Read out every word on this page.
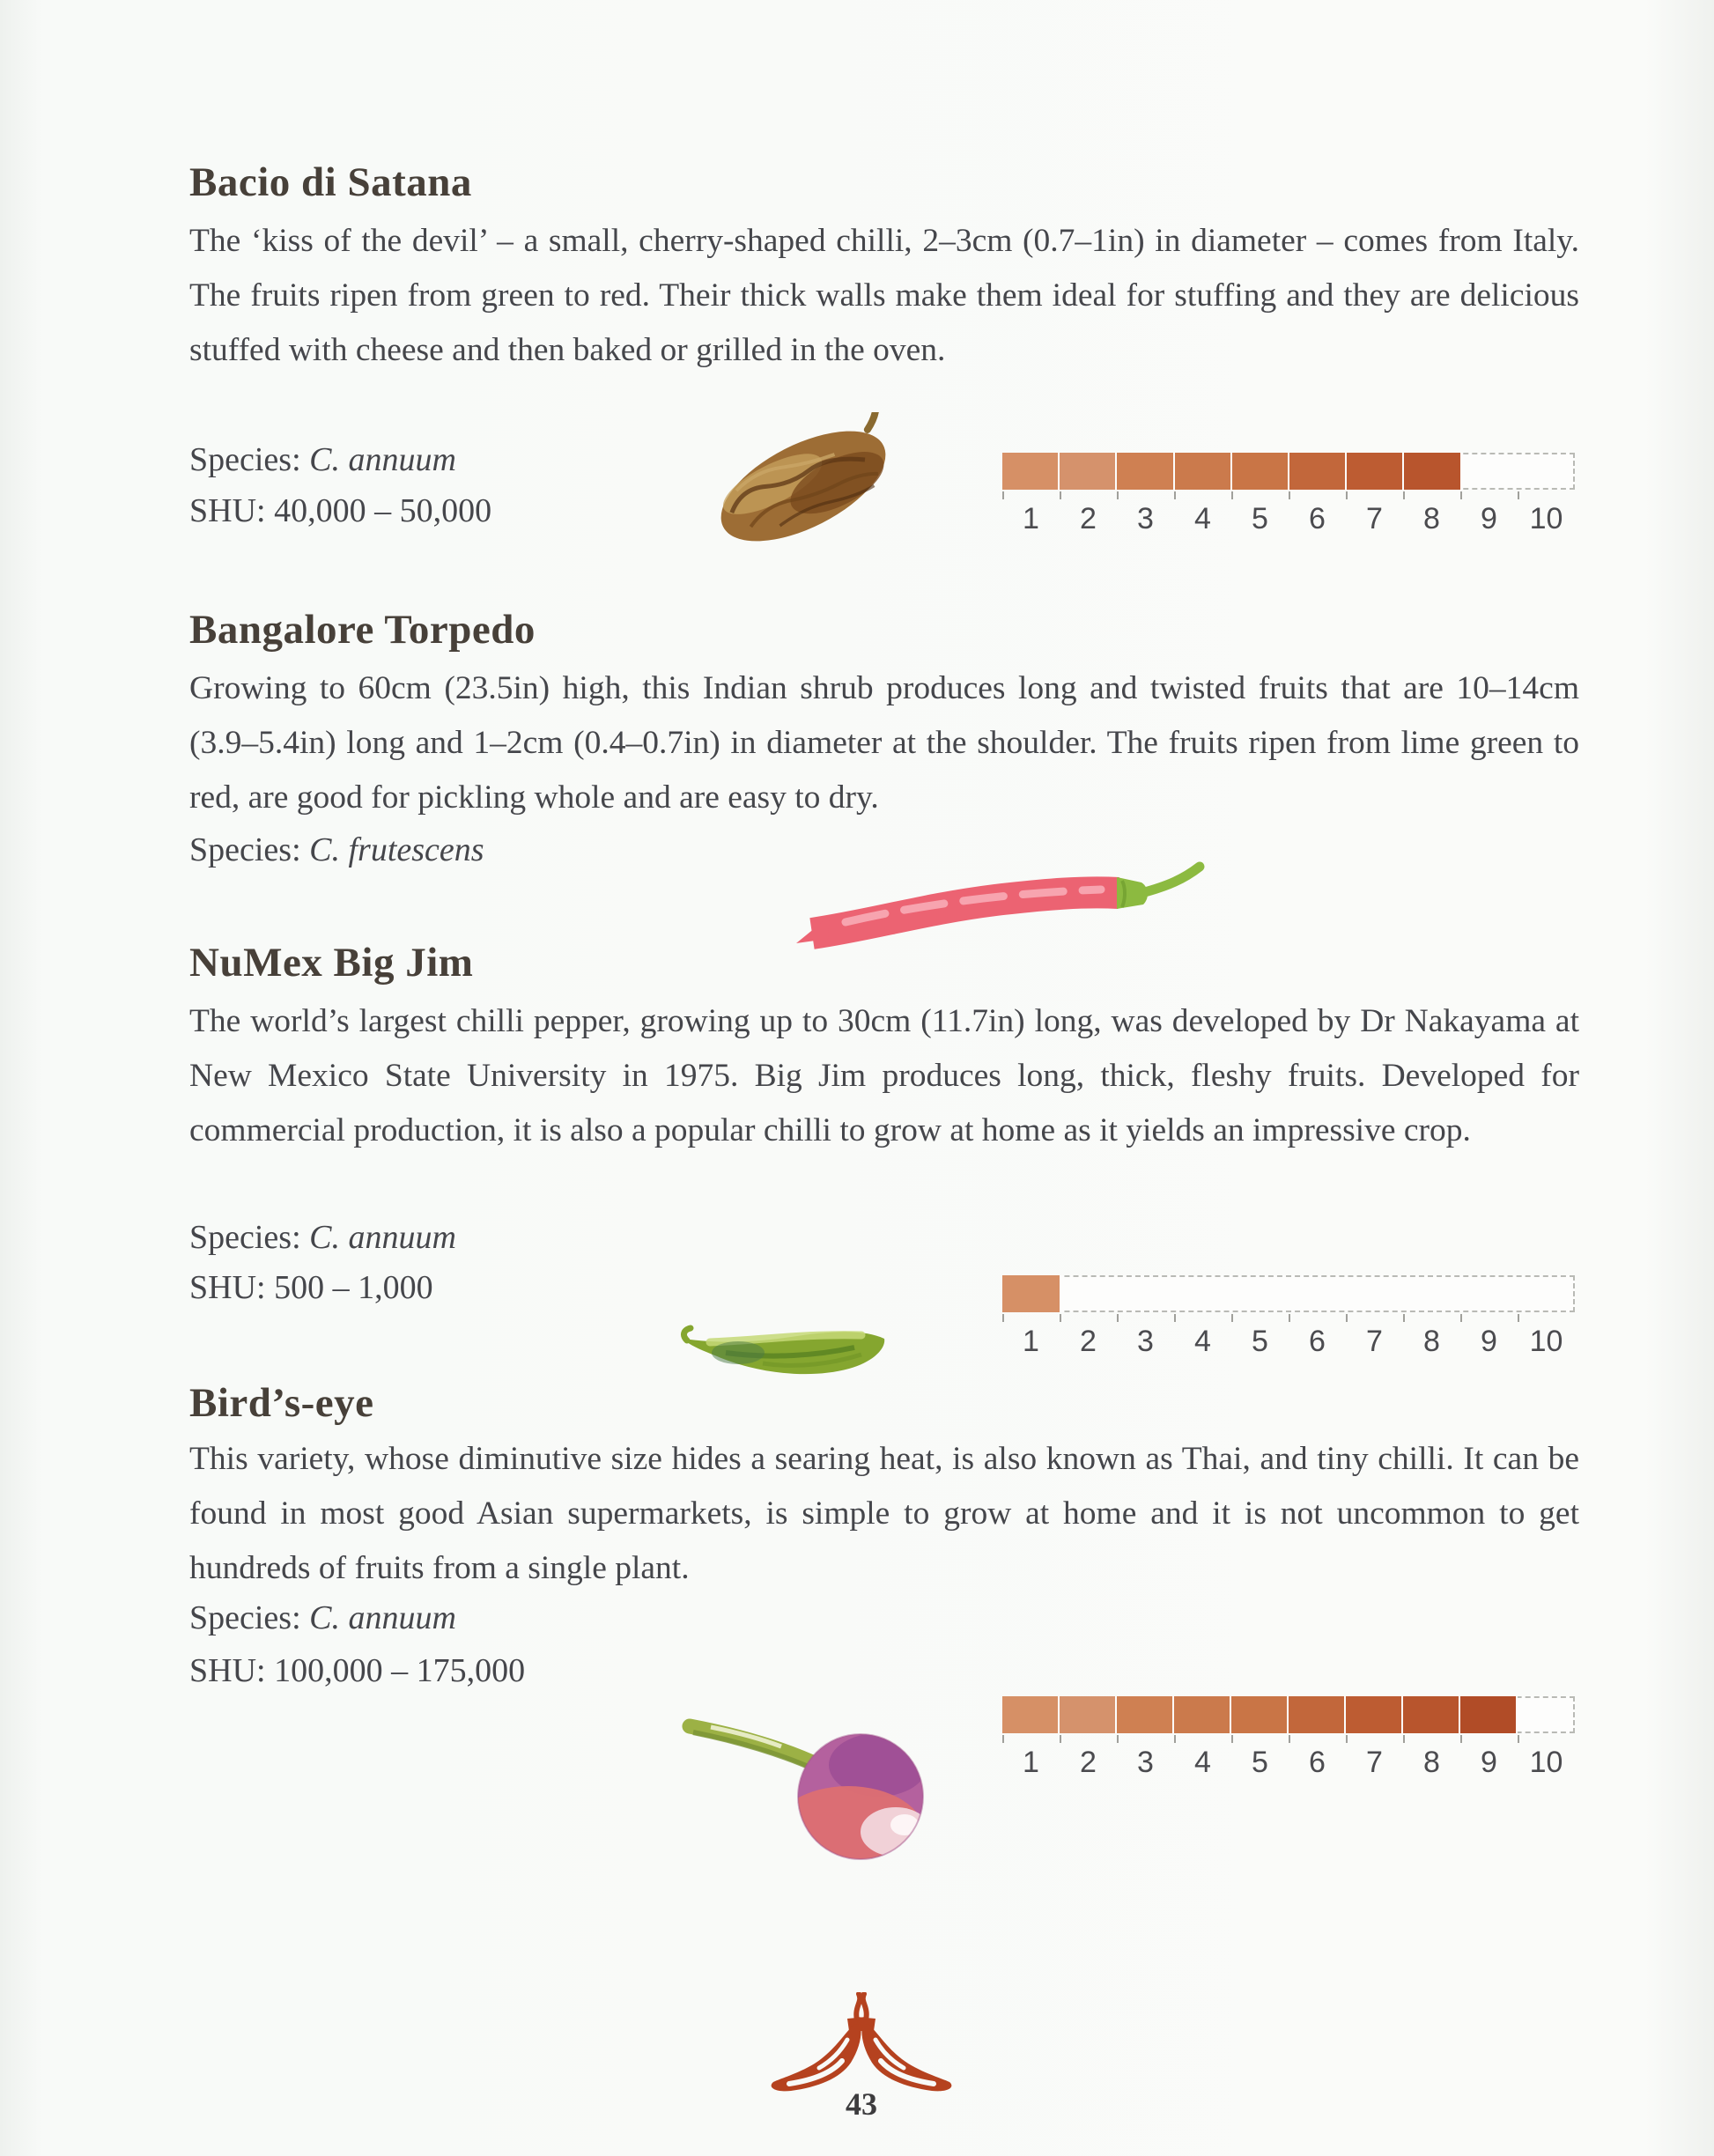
Bacio di Satana
The ‘kiss of the devil’ – a small, cherry-shaped chilli, 2–3cm (0.7–1in) in diameter – comes from Italy. The fruits ripen from green to red. Their thick walls make them ideal for stuffing and they are delicious stuffed with cheese and then baked or grilled in the oven.
Species: C. annuum
SHU: 40,000 – 50,000	1	2	3	4	5	6	7	8	9	10
Bangalore Torpedo
Growing to 60cm (23.5in) high, this Indian shrub produces long and twisted fruits that are 10–14cm (3.9–5.4in) long and 1–2cm (0.4–0.7in) in diameter at the shoulder. The fruits ripen from lime green to red, are good for pickling whole and are easy to dry.
Species: C. frutescens
NuMex Big Jim
The world’s largest chilli pepper, growing up to 30cm (11.7in) long, was developed by Dr Nakayama at New Mexico State University in 1975. Big Jim produces long, thick, fleshy fruits. Developed for commercial production, it is also a popular chilli to grow at home as it yields an impressive crop.
Species: C. annuum
SHU: 500 – 1,000
1	2	3	4	5	6	7	8	9	10
Bird’s-eye
This variety, whose diminutive size hides a searing heat, is also known as Thai, and tiny chilli. It can be found in most good Asian supermarkets, is simple to grow at home and it is not uncommon to get hundreds of fruits from a single plant.
Species: C. annuum
SHU: 100,000 – 175,000
1	2	3	4	5	6	7	8	9	10
43
